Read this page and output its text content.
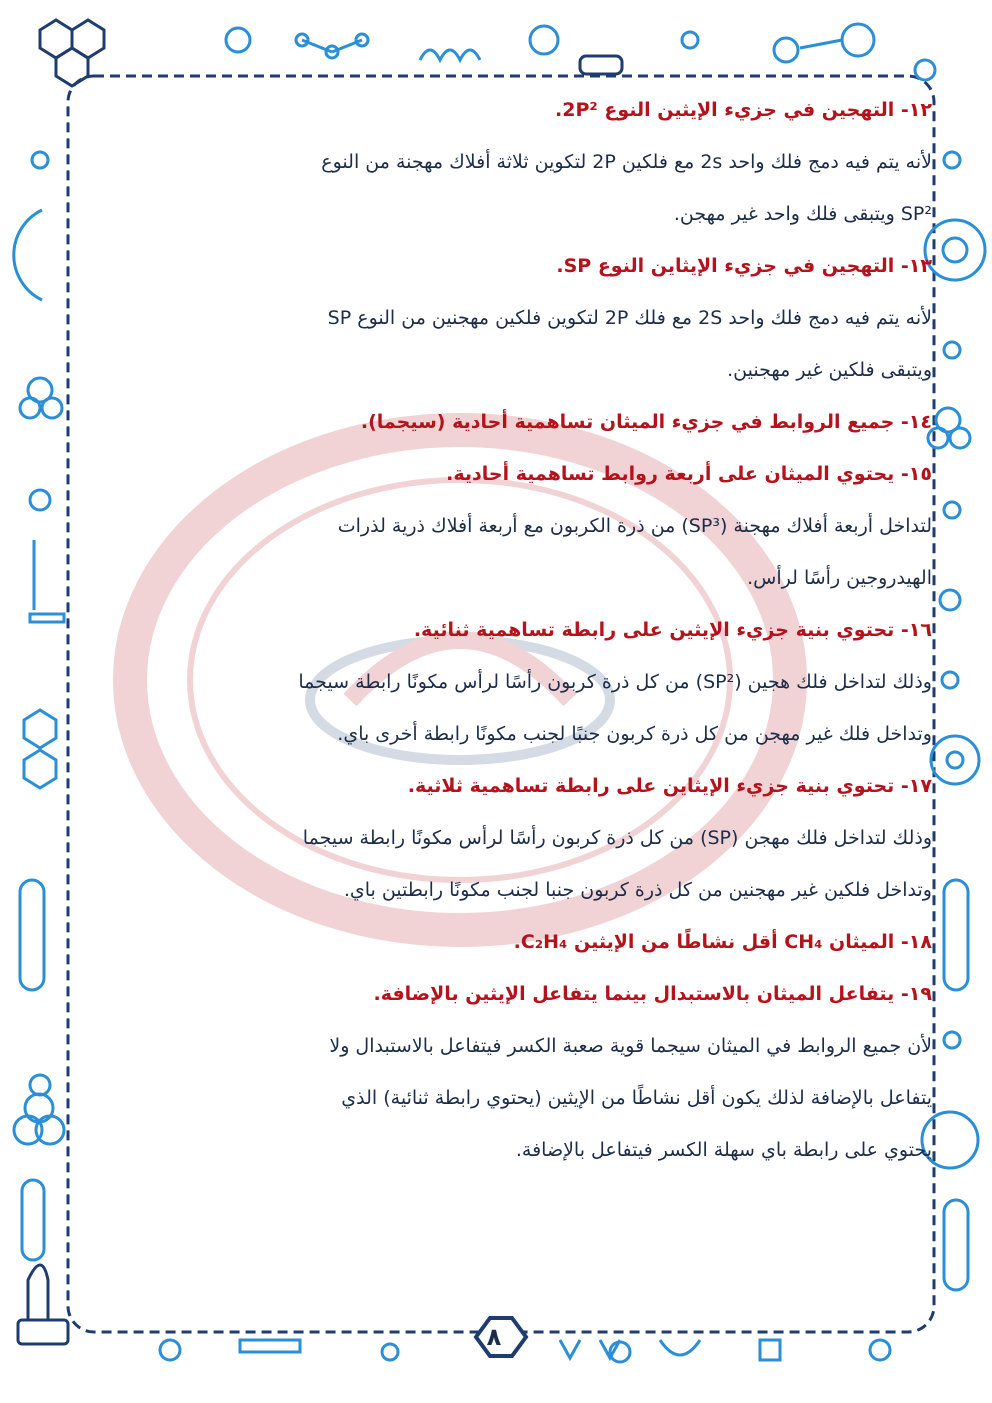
١٢- التهجين في جزيء الإيثين النوع 2P².
لأنه يتم فيه دمج فلك واحد 2s مع فلكين 2P لتكوين ثلاثة أفلاك مهجنة من النوع
SP² ويتبقى فلك واحد غير مهجن.
١٣- التهجين في جزيء الإيثاين النوع SP.
لأنه يتم فيه دمج فلك واحد 2S مع فلك 2P لتكوين فلكين مهجنين من النوع SP
ويتبقى فلكين غير مهجنين.
١٤- جميع الروابط في جزيء الميثان تساهمية أحادية (سيجما).
١٥- يحتوي الميثان على أربعة روابط تساهمية أحادية.
لتداخل أربعة أفلاك مهجنة (SP³) من ذرة الكربون مع أربعة أفلاك ذرية لذرات
الهيدروجين رأسًا لرأس.
١٦- تحتوي بنية جزيء الإيثين على رابطة تساهمية ثنائية.
وذلك لتداخل فلك هجين (SP²) من كل ذرة كربون رأسًا لرأس مكونًا رابطة سيجما
وتداخل فلك غير مهجن من كل ذرة كربون جنبًا لجنب مكونًا رابطة أخرى باي.
١٧- تحتوي بنية جزيء الإيثاين على رابطة تساهمية ثلاثية.
وذلك لتداخل فلك مهجن (SP) من كل ذرة كربون رأسًا لرأس مكونًا رابطة سيجما
وتداخل فلكين غير مهجنين من كل ذرة كربون جنبا لجنب مكونًا رابطتين باي.
١٨- الميثان CH₄ أقل نشاطًا من الإيثين C₂H₄.
١٩- يتفاعل الميثان بالاستبدال بينما يتفاعل الإيثين بالإضافة.
لأن جميع الروابط في الميثان سيجما قوية صعبة الكسر فيتفاعل بالاستبدال ولا
يتفاعل بالإضافة لذلك يكون أقل نشاطًا من الإيثين (يحتوي رابطة ثنائية) الذي
يحتوي على رابطة باي سهلة الكسر فيتفاعل بالإضافة.
٨
